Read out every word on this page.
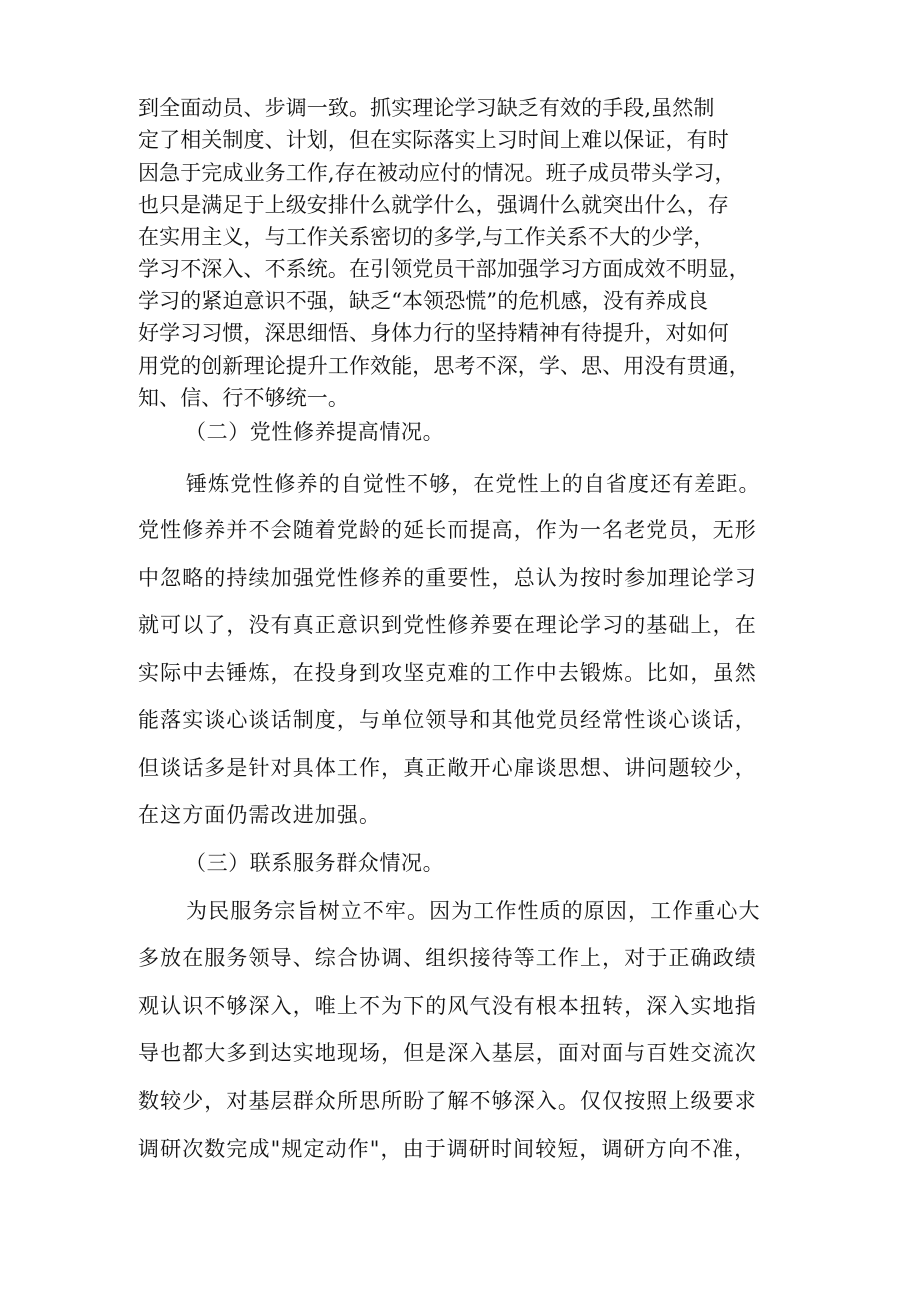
到全面动员、步调一致。抓实理论学习缺乏有效的手段,虽然制
定了相关制度、计划，但在实际落实上习时间上难以保证，有时
因急于完成业务工作,存在被动应付的情况。班子成员带头学习，
也只是满足于上级安排什么就学什么，强调什么就突出什么，存
在实用主义，与工作关系密切的多学,与工作关系不大的少学，
学习不深入、不系统。在引领党员干部加强学习方面成效不明显，
学习的紧迫意识不强，缺乏“本领恐慌”的危机感，没有养成良
好学习习惯，深思细悟、身体力行的坚持精神有待提升，对如何
用党的创新理论提升工作效能，思考不深，学、思、用没有贯通，
知、信、行不够统一。
（二）党性修养提高情况。
锤炼党性修养的自觉性不够，在党性上的自省度还有差距。
党性修养并不会随着党龄的延长而提高，作为一名老党员，无形
中忽略的持续加强党性修养的重要性，总认为按时参加理论学习
就可以了，没有真正意识到党性修养要在理论学习的基础上，在
实际中去锤炼，在投身到攻坚克难的工作中去锻炼。比如，虽然
能落实谈心谈话制度，与单位领导和其他党员经常性谈心谈话，
但谈话多是针对具体工作，真正敞开心扉谈思想、讲问题较少，
在这方面仍需改进加强。
（三）联系服务群众情况。
为民服务宗旨树立不牢。因为工作性质的原因，工作重心大
多放在服务领导、综合协调、组织接待等工作上，对于正确政绩
观认识不够深入，唯上不为下的风气没有根本扭转，深入实地指
导也都大多到达实地现场，但是深入基层，面对面与百姓交流次
数较少，对基层群众所思所盼了解不够深入。仅仅按照上级要求
调研次数完成"规定动作"，由于调研时间较短，调研方向不准，
